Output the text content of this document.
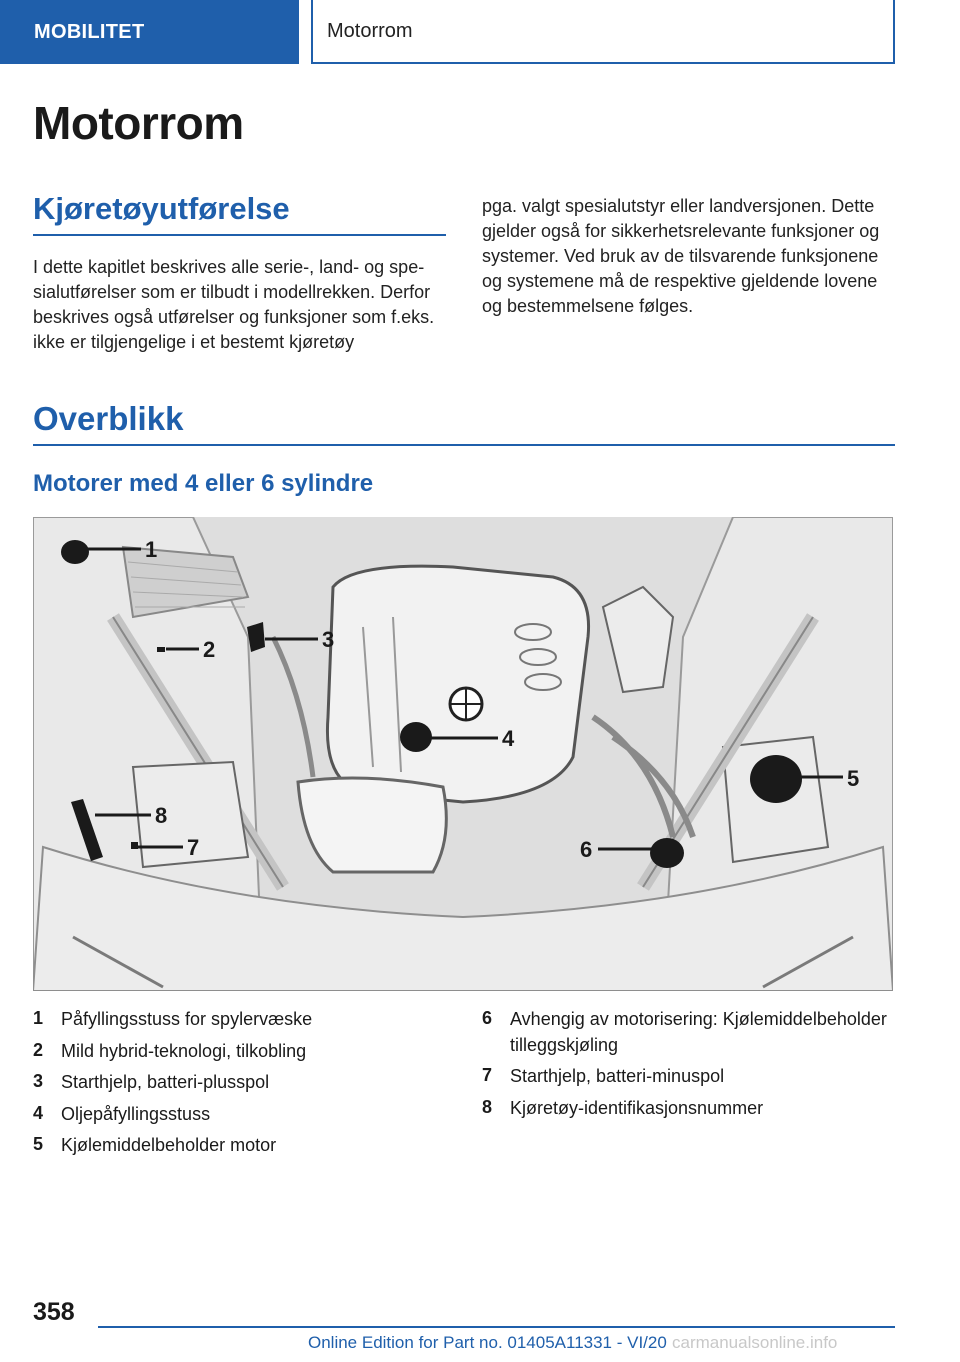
MOBILITET	Motorrom
Motorrom
Kjøretøyutførelse

I dette kapitlet beskrives alle serie-, land- og spesialutførelser som er tilbudt i modellrekken. Derfor beskrives også utførelser og funksjoner som f.eks. ikke er tilgjengelige i et bestemt kjøretøy

pga. valgt spesialutstyr eller landversjonen. Dette gjelder også for sikkerhetsrelevante funksjoner og systemer. Ved bruk av de tilsvarende funksjonene og systemene må de respektive gjeldende lovene og bestemmelsene følges.

Overblikk
Motorer med 4 eller 6 sylindre
1
2	3
4
5
6
7
8
1 Påfyllingsstuss for spylervæske
2 Mild hybrid-teknologi, tilkobling
3 Starthjelp, batteri-plusspol
4 Oljepåfyllingsstuss
5 Kjølemiddelbeholder motor
6 Avhengig av motorisering: Kjølemiddelbeholder tilleggskjøling
7 Starthjelp, batteri-minuspol
8 Kjøretøy-identifikasjonsnummer
358
Online Edition for Part no. 01405A11331 - VI/20 carmanualsonline.info
